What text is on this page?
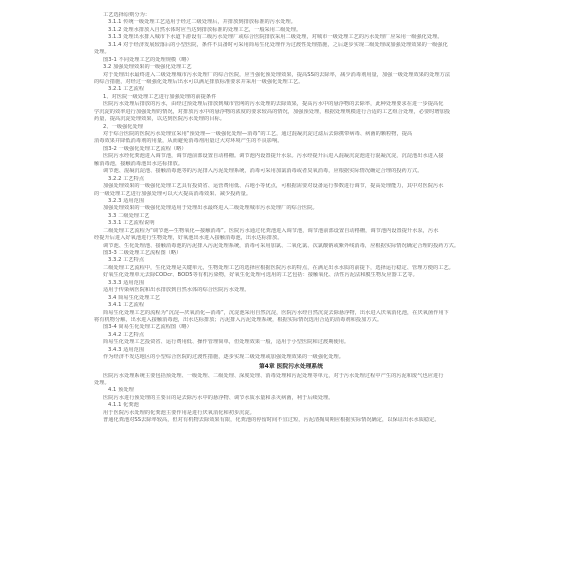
工艺选择原则分为：
3.1.1 传统一级处理工艺适用于经过二级处理后，并排放到排放标准的污水处理。
3.1.2 处理水排放入自然水体时应当达到排放标准的处理工艺，一般采用二级处理。
3.1.3 处理出水排入城市下水道下游设有二级污水处理厂或综合医院排放采用二级处理，对城市一级处理工艺的污水处理厂应采用一级强化处理。
3.1.4 对于经济发展较落后的小型医院，条件不具备时可采用简易生化处理作为过渡性处理措施，之后逐步实现二级处理或加强处理效果的一级强化
处理。
图3-1 不同处理工艺的处理规模（略）
3.2 加强处理效果的一级强化处理工艺
对于处理出水最终进入二级处理城市污水处理厂的综合医院，应当强化预处理效果，提高SS的去除率，减少消毒剂用量，加强一级处理效果的处理方法
的综合措施，对经过一级强化处理后出水可以满足排放标准要求并采用一级强化处理工艺。
3.2.1 工艺流程
1、对医院一级处理工艺进行加强处理的前提条件
医院污水处理后排放的污水，由经过预处理后排放到城市管网的污水处理的去除效果，提高污水中的悬浮物的去除率，此种处理要求在进一步提高化
学沉淀的效率进行加强处理的情况，对排放污水中的悬浮物的浓度的要求较高的情况，加强预处理，根据处理规模进行合适的工艺组合处理，必要时增加投
药量，提高沉淀处理效果，以达到医院污水处理的目标。
2、一级强化处理
对于综合医院的医院污水处理宜采用“预处理—一级强化处理—消毒”的工艺，通过混凝沉淀过滤后去除携带病毒、病菌的颗粒物，提高
消毒效果并降低消毒剂的用量，从而避免消毒剂用量过大对环境产生的不良影响。
图3-2 一级强化处理工艺流程（略）
医院污水经化粪池进入调节池，调节池前部设置自动格栅。调节池内设置提升水泵。污水经提升后进入混凝沉淀池进行混凝沉淀，沉淀池出水进入接
触消毒池，接触消毒池出水达标排放。
调节池、混凝沉淀池、接触消毒池等的污泥排入污泥处理系统，消毒可采用加氯消毒或者臭氧消毒，应根据实际情况确定合理的投药方式。
3.2.2 工艺特点
加强处理效果的一级强化处理工艺具有投资省、运营费用低、占地小等优点，可根据需要对设备运行参数进行调节，提高处理能力，其中对医院污水
的一级处理工艺进行加强处理可以大大提高消毒效果、减少投药量。
3.2.3 适用范围
加强处理效果的一级强化处理适用于处理出水最终进入二级处理城市污水处理厂的综合医院。
3.3 二级处理工艺
3.3.1 工艺流程说明
二级处理工艺流程为“调节池—生物氧化—接触消毒”。医院污水通过化粪池进入调节池，调节池前部设置自动格栅，调节池内设置提升水泵，污水
经提升后进入好氧池进行生物处理，好氧池出水进入接触消毒池，出水达标排放。
调节池、生化处理池、接触消毒池的污泥排入污泥处理系统，消毒可采用加氯、二氧化氯、次氯酸钠或紫外线消毒，应根据实际情况确定合理的投药方式。
图3-3 二级处理工艺流程图（略）
3.3.2 工艺特点
二级处理工艺流程中，生化处理是关键单元，生物处理工艺的选择应根据医院污水的特点，在满足出水水质的前提下，选择运行稳定、管理方便的工艺。
好氧生化处理单元去除CODcr、BOD5等有机污染物，好氧生化处理可选用的工艺包括：接触氧化、活性污泥法和膜生物反应器工艺等。
3.3.3 适用范围
适用于传染病医院和出水排放到自然水体的综合医院污水处理。
3.4 简易生化处理工艺
3.4.1 工艺流程
简易生化处理工艺的流程为“沉淀—厌氧消化—消毒”，沉淀池采用自然沉淀，医院污水经自然沉淀去除悬浮物，出水进入厌氧消化池，在厌氧菌作用下
将有机物分解，出水进入接触消毒池，出水达标排放；污泥排入污泥处理系统，根据实际情况选用合适的消毒剂和投加方式。
图3-4 简易生化处理工艺流程图（略）
3.4.2 工艺特点
简易生化处理工艺投资省、运行费用低、操作管理简单，但处理效果一般，适用于小型医院和过渡期使用。
3.4.3 适用范围
作为经济不发达地区的小型综合医院的过渡性措施，逐步实现二级处理或加强处理效果的一级强化处理。
第4章 医院污水处理系统
医院污水处理系统主要包括预处理、一级处理、二级处理、深度处理、消毒处理和污泥处理等单元，对于污水处理过程中产生的污泥和废气也应进行
处理。
4.1 预处理
医院污水进行预处理的主要目的是去除污水中的悬浮物、调节水质水量和杀灭病菌，利于后续处理。
4.1.1 化粪池
用于医院污水处理的化粪池主要作用是进行厌氧消化和初步沉淀。
普通化粪池对SS去除率较高，但对有机物去除效果有限，化粪池的停留时间不宜过短，污泥清掏周期应根据实际情况确定，以保证出水水质稳定。
